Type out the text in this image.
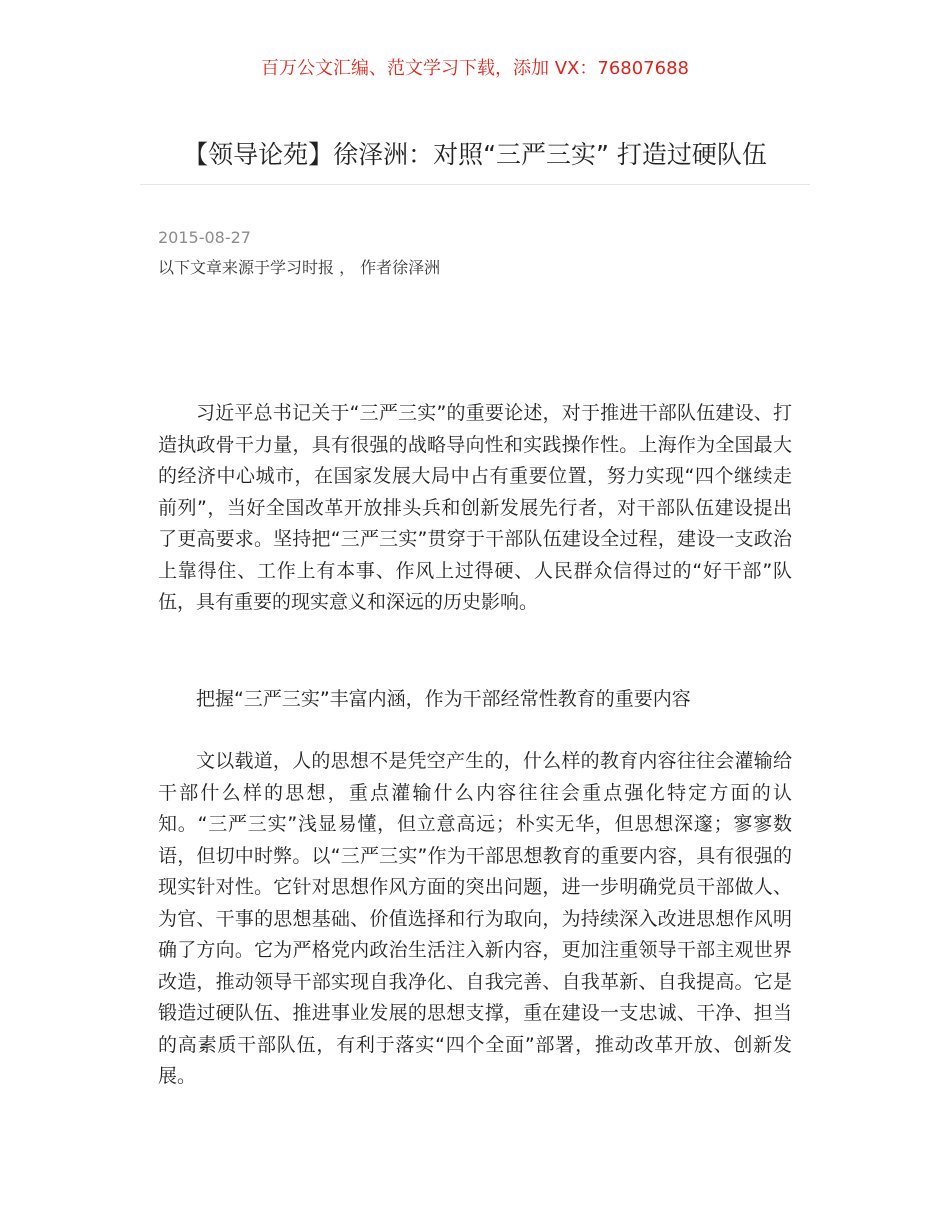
百万公文汇编、范文学习下载，添加 VX：76807688
【领导论苑】徐泽洲：对照“三严三实” 打造过硬队伍
2015-08-27
以下文章来源于学习时报 ， 作者徐泽洲

习近平总书记关于“三严三实”的重要论述，对于推进干部队伍建设、打造执政骨干力量，具有很强的战略导向性和实践操作性。上海作为全国最大的经济中心城市，在国家发展大局中占有重要位置，努力实现“四个继续走前列”，当好全国改革开放排头兵和创新发展先行者，对干部队伍建设提出了更高要求。坚持把“三严三实”贯穿于干部队伍建设全过程，建设一支政治上靠得住、工作上有本事、作风上过得硬、人民群众信得过的“好干部”队伍，具有重要的现实意义和深远的历史影响。

把握“三严三实”丰富内涵，作为干部经常性教育的重要内容

文以载道，人的思想不是凭空产生的，什么样的教育内容往往会灌输给干部什么样的思想，重点灌输什么内容往往会重点强化特定方面的认知。“三严三实”浅显易懂，但立意高远；朴实无华，但思想深邃；寥寥数语，但切中时弊。以“三严三实”作为干部思想教育的重要内容，具有很强的现实针对性。它针对思想作风方面的突出问题，进一步明确党员干部做人、为官、干事的思想基础、价值选择和行为取向，为持续深入改进思想作风明确了方向。它为严格党内政治生活注入新内容，更加注重领导干部主观世界改造，推动领导干部实现自我净化、自我完善、自我革新、自我提高。它是锻造过硬队伍、推进事业发展的思想支撑，重在建设一支忠诚、干净、担当的高素质干部队伍，有利于落实“四个全面”部署，推动改革开放、创新发展。
